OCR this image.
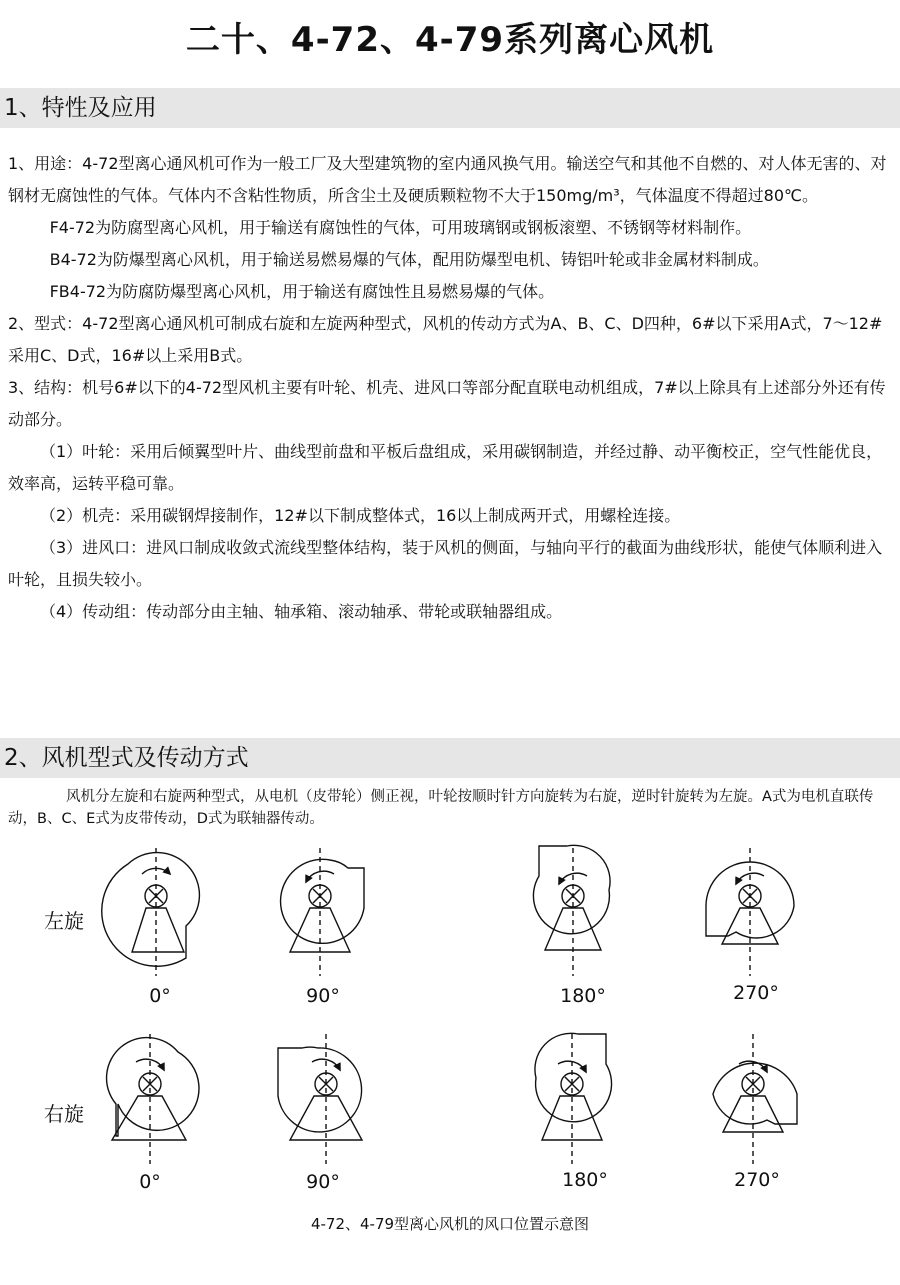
二十、4-72、4-79系列离心风机
1、特性及应用

1、用途：4-72型离心通风机可作为一般工厂及大型建筑物的室内通风换气用。输送空气和其他不自燃的、对人体无害的、对钢材无腐蚀性的气体。气体内不含粘性物质，所含尘土及硬质颗粒物不大于150mg/m³，气体温度不得超过80℃。

F4-72为防腐型离心风机，用于输送有腐蚀性的气体，可用玻璃钢或钢板滚塑、不锈钢等材料制作。

B4-72为防爆型离心风机，用于输送易燃易爆的气体，配用防爆型电机、铸铝叶轮或非金属材料制成。

FB4-72为防腐防爆型离心风机，用于输送有腐蚀性且易燃易爆的气体。

2、型式：4-72型离心通风机可制成右旋和左旋两种型式，风机的传动方式为A、B、C、D四种，6#以下采用A式，7～12#采用C、D式，16#以上采用B式。

3、结构：机号6#以下的4-72型风机主要有叶轮、机壳、进风口等部分配直联电动机组成，7#以上除具有上述部分外还有传动部分。

（1）叶轮：采用后倾翼型叶片、曲线型前盘和平板后盘组成，采用碳钢制造，并经过静、动平衡校正，空气性能优良，效率高，运转平稳可靠。

（2）机壳：采用碳钢焊接制作，12#以下制成整体式，16以上制成两开式，用螺栓连接。

（3）进风口：进风口制成收敛式流线型整体结构，装于风机的侧面，与轴向平行的截面为曲线形状，能使气体顺利进入叶轮，且损失较小。

（4）传动组：传动部分由主轴、轴承箱、滚动轴承、带轮或联轴器组成。

2、风机型式及传动方式

风机分左旋和右旋两种型式，从电机（皮带轮）侧正视，叶轮按顺时针方向旋转为右旋，逆时针旋转为左旋。A式为电机直联传动，B、C、E式为皮带传动，D式为联轴器传动。

左旋
右旋
0°	90°	180°	270°
0°	90°	180°	270°
4-72、4-79型离心风机的风口位置示意图
